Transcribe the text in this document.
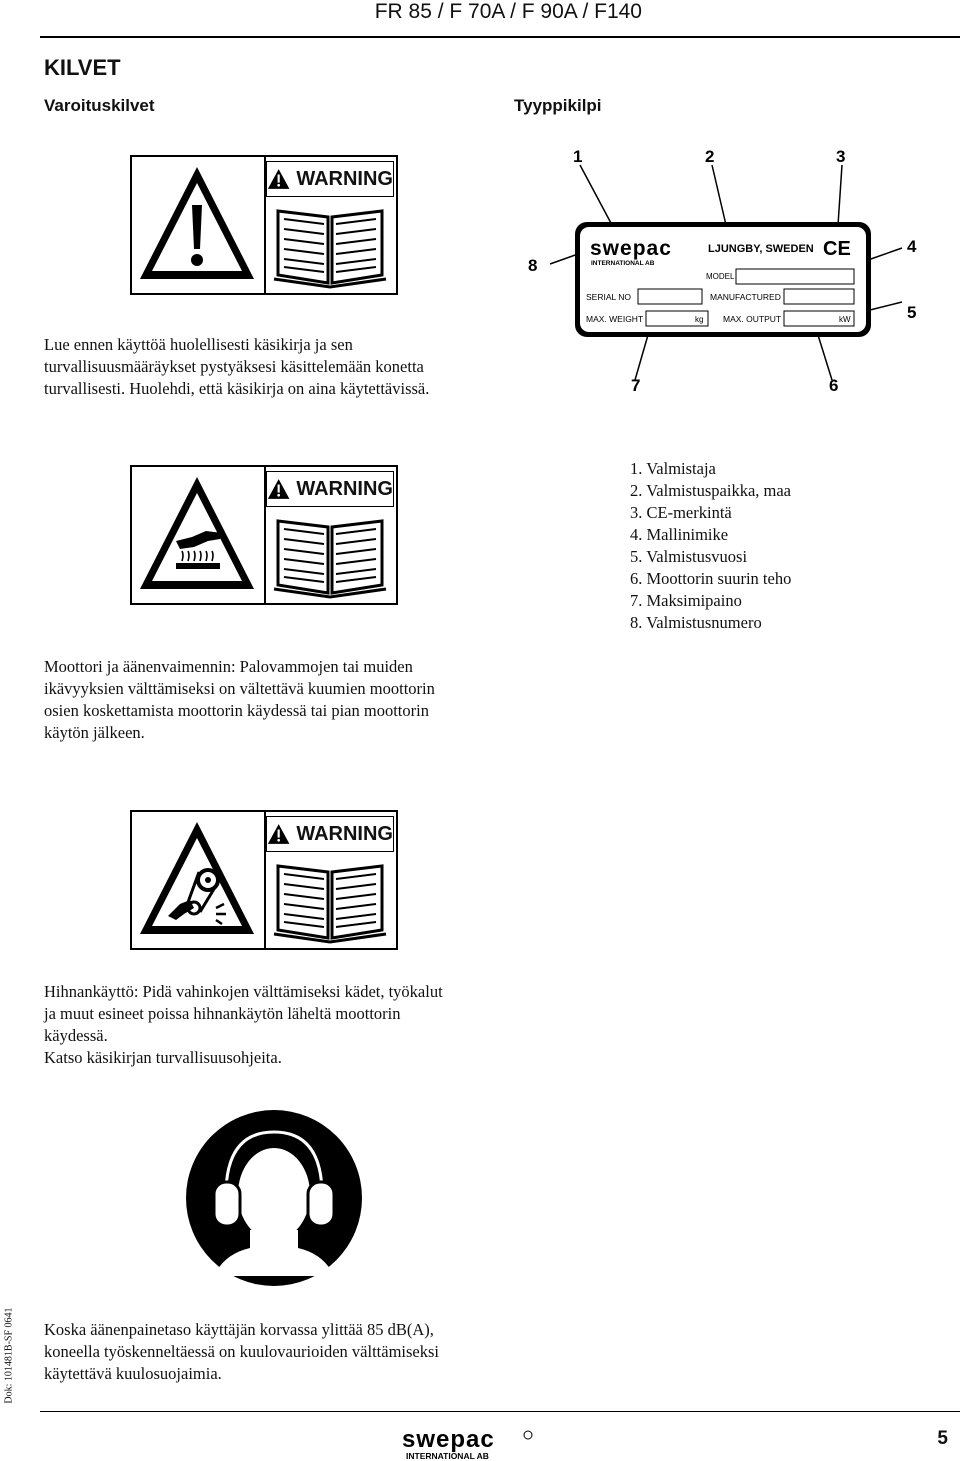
FR 85 / F 70A / F 90A / F140
KILVET
Varoituskilvet	Tyyppikilpi
WARNING
Lue ennen käyttöä huolellisesti käsikirja ja sen
turvallisuusmääräykset pystyäksesi käsittelemään konetta
turvallisesti. Huolehdi, että käsikirja on aina käytettävissä.
swepac
INTERNATIONAL AB
LJUNGBY, SWEDEN CE
MODEL
SERIAL NO	MANUFACTURED
MAX. WEIGHT	kg MAX. OUTPUT	kW
1	2	3
4
5
6
7
8
WARNING
1. Valmistaja
2. Valmistuspaikka, maa
3. CE-merkintä
4. Mallinimike
5. Valmistusvuosi
6. Moottorin suurin teho
7. Maksimipaino
8. Valmistusnumero
Moottori ja äänenvaimennin: Palovammojen tai muiden
ikävyyksien välttämiseksi on vältettävä kuumien moottorin
osien koskettamista moottorin käydessä tai pian moottorin
käytön jälkeen.
WARNING
Hihnankäyttö: Pidä vahinkojen välttämiseksi kädet, työkalut
ja muut esineet poissa hihnankäytön läheltä moottorin
käydessä.
Katso käsikirjan turvallisuusohjeita.
Koska äänenpainetaso käyttäjän korvassa ylittää 85 dB(A),
koneella työskenneltäessä on kuulovaurioiden välttämiseksi
käytettävä kuulosuojaimia.
Dok: 101481B-SF 0641
swepac
INTERNATIONAL AB
5
